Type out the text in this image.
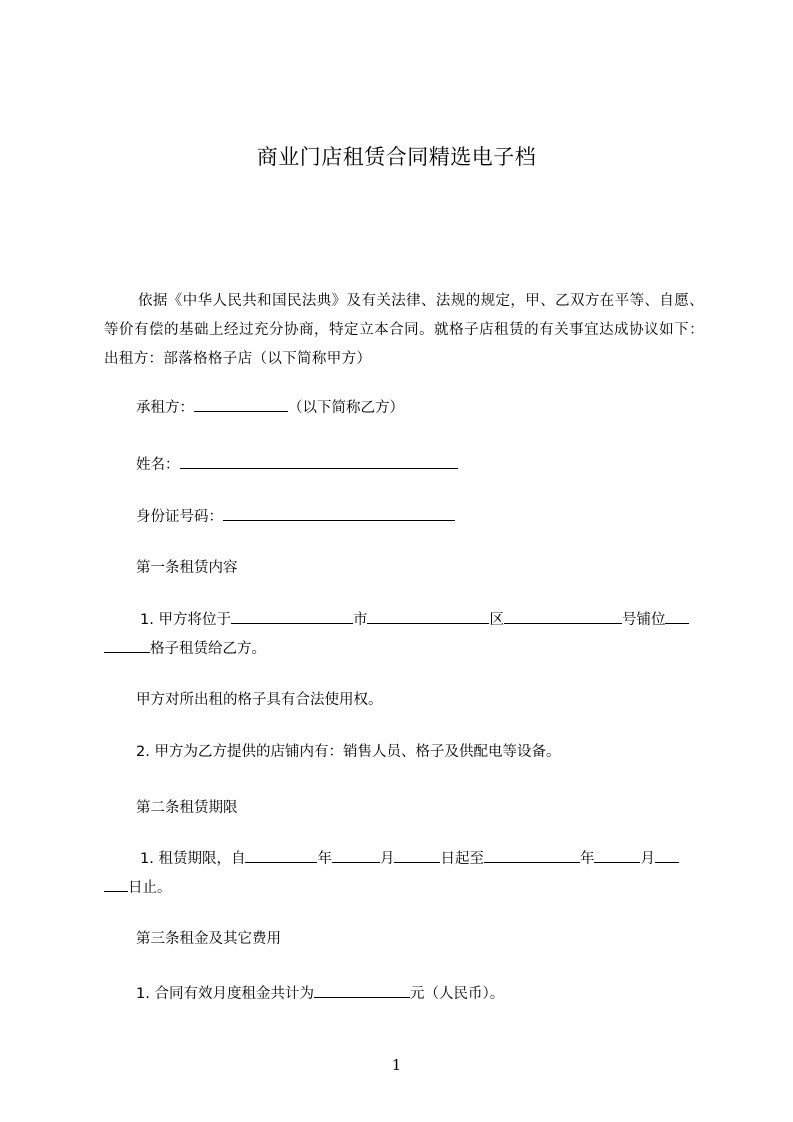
商业门店租赁合同精选电子档
依据《中华人民共和国民法典》及有关法律、法规的规定，甲、乙双方在平等、自愿、等价有偿的基础上经过充分协商，特定立本合同。就格子店租赁的有关事宜达成协议如下：出租方：部落格格子店（以下简称甲方）
承租方：	（以下简称乙方）
姓名：
身份证号码：
第一条租赁内容
1. 甲方将位于	市	区	号铺位
格子租赁给乙方。
甲方对所出租的格子具有合法使用权。
2. 甲方为乙方提供的店铺内有：销售人员、格子及供配电等设备。
第二条租赁期限
1. 租赁期限，自	年	月	日起至	年	月
日止。
第三条租金及其它费用
1. 合同有效月度租金共计为	元（人民币）。
1
